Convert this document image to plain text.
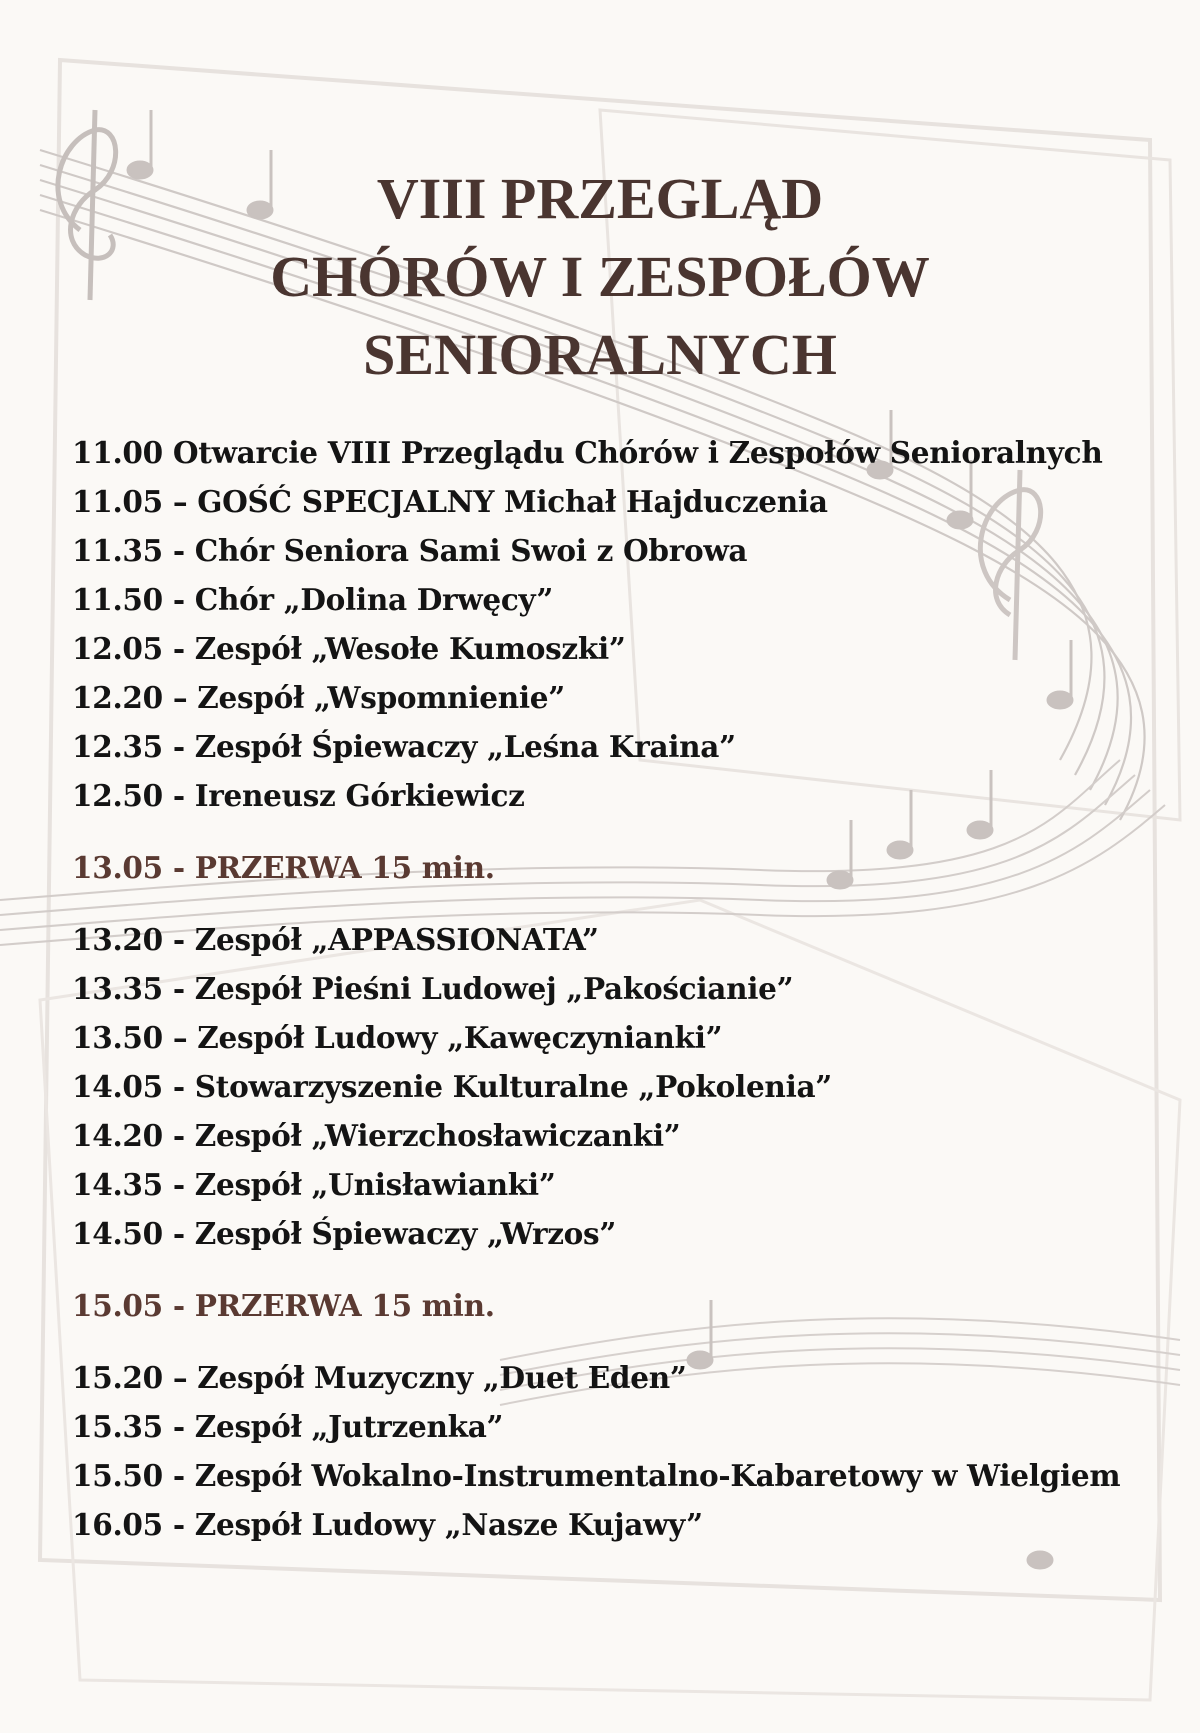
VIII PRZEGLĄD
CHÓRÓW I ZESPOŁÓW
SENIORALNYCH
11.00 Otwarcie VIII Przeglądu Chórów i Zespołów Senioralnych
11.05 – GOŚĆ SPECJALNY Michał Hajduczenia
11.35 - Chór Seniora Sami Swoi z Obrowa
11.50 - Chór „Dolina Drwęcy”
12.05 - Zespół „Wesołe Kumoszki”
12.20 – Zespół „Wspomnienie”
12.35 - Zespół Śpiewaczy „Leśna Kraina”
12.50 - Ireneusz Górkiewicz
13.05 - PRZERWA 15 min.
13.20 - Zespół „APPASSIONATA”
13.35 - Zespół Pieśni Ludowej „Pakościanie”
13.50 – Zespół Ludowy „Kawęczynianki”
14.05 - Stowarzyszenie Kulturalne „Pokolenia”
14.20 - Zespół „Wierzchosławiczanki”
14.35 - Zespół „Unisławianki”
14.50 - Zespół Śpiewaczy „Wrzos”
15.05 - PRZERWA 15 min.
15.20 – Zespół Muzyczny „Duet Eden”
15.35 - Zespół „Jutrzenka”
15.50 - Zespół Wokalno-Instrumentalno-Kabaretowy w Wielgiem
16.05 - Zespół Ludowy „Nasze Kujawy”
